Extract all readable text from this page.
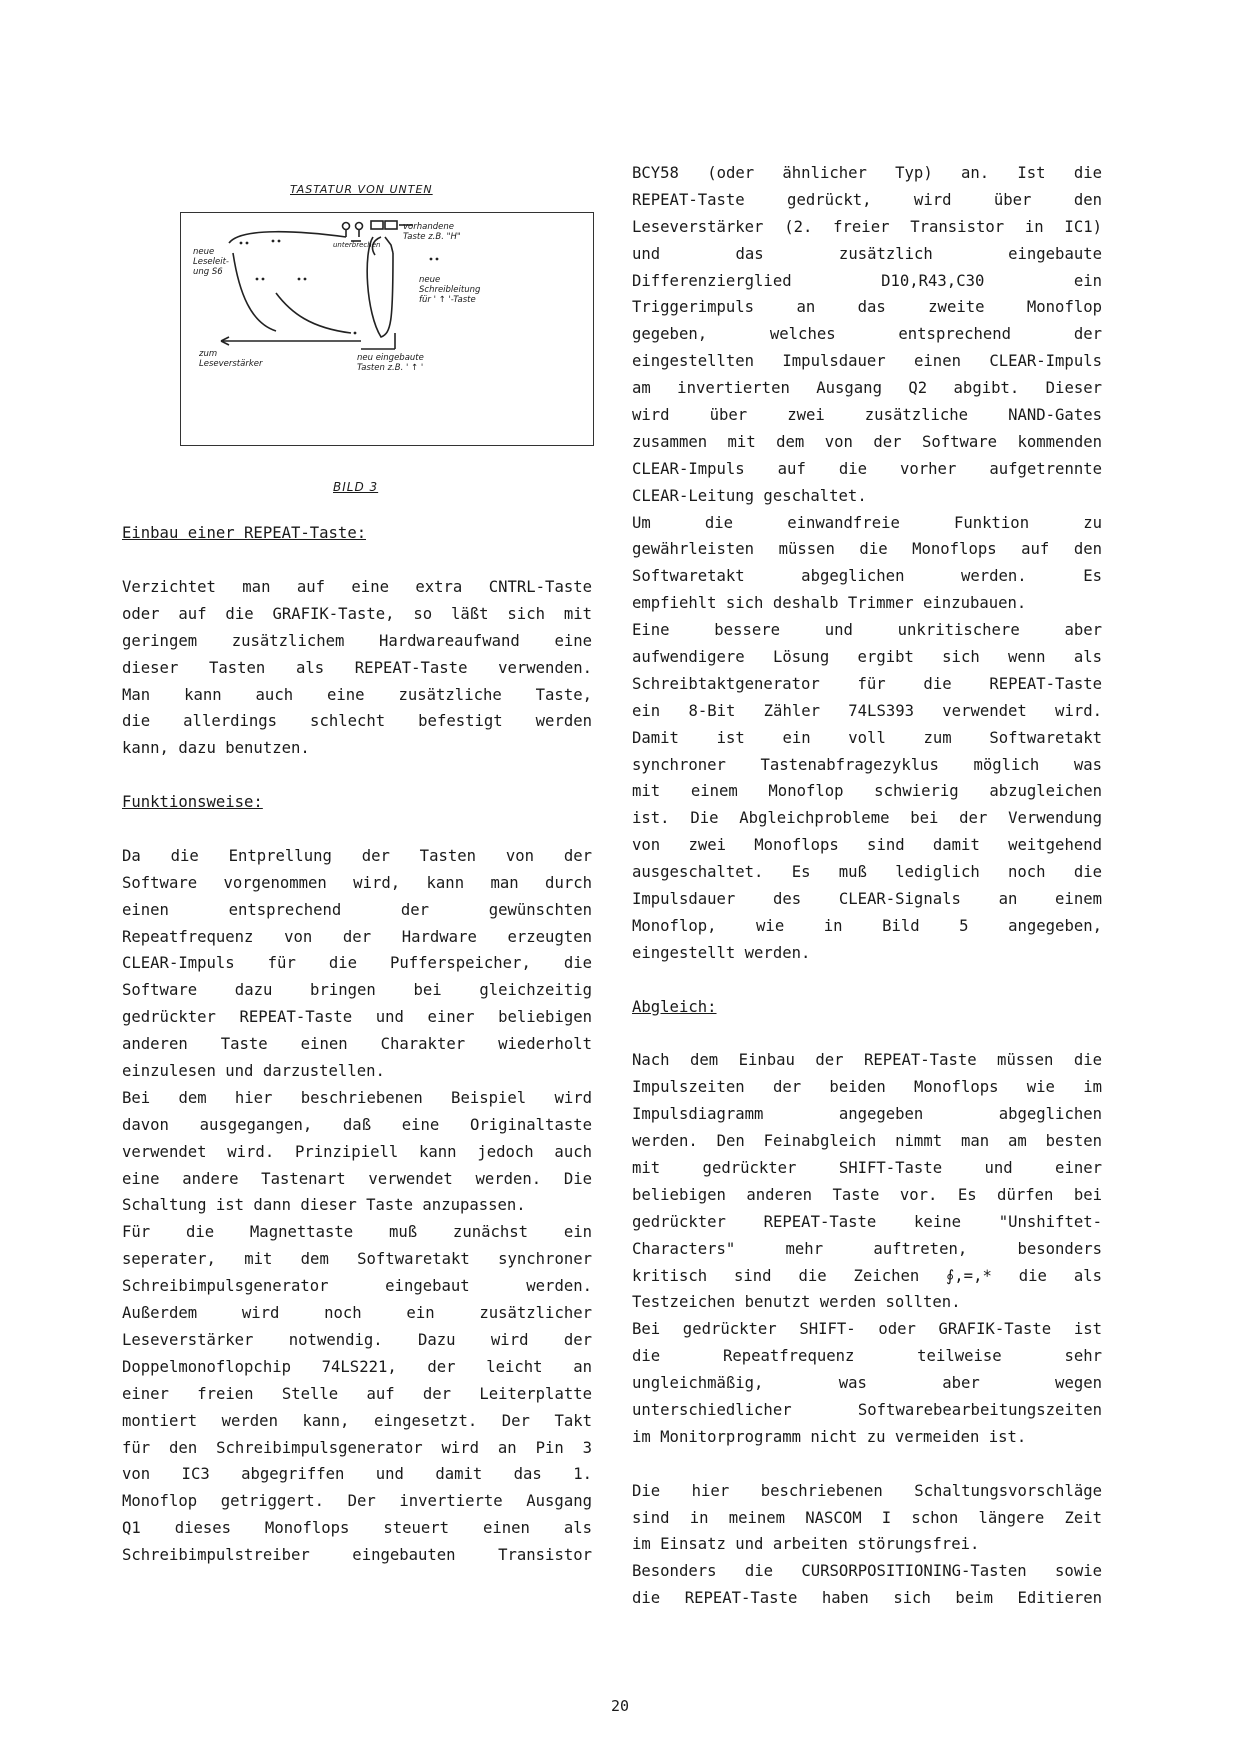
TASTATUR VON UNTEN
vorhandene
Taste z.B. "H"
unterbrechen
neue
Leseleit-
ung S6
neue
Schreibleitung
für ' ↑ '-Taste
zum
Leseverstärker
neu eingebaute
Tasten z.B. ' ↑ '
BILD 3
Einbau einer REPEAT-Taste:
Verzichtet man auf eine extra CNTRL-Taste
oder auf die GRAFIK-Taste, so läßt sich mit
geringem zusätzlichem Hardwareaufwand eine
dieser Tasten als REPEAT-Taste verwenden.
Man kann auch eine zusätzliche Taste,
die allerdings schlecht befestigt werden
kann, dazu benutzen.
Funktionsweise:
Da die Entprellung der Tasten von der
Software vorgenommen wird, kann man durch
einen entsprechend der gewünschten
Repeatfrequenz von der Hardware erzeugten
CLEAR-Impuls für die Pufferspeicher, die
Software dazu bringen bei gleichzeitig
gedrückter REPEAT-Taste und einer beliebigen
anderen Taste einen Charakter wiederholt
einzulesen und darzustellen.
Bei dem hier beschriebenen Beispiel wird
davon ausgegangen, daß eine Originaltaste
verwendet wird. Prinzipiell kann jedoch auch
eine andere Tastenart verwendet werden. Die
Schaltung ist dann dieser Taste anzupassen.
Für die Magnettaste muß zunächst ein
seperater, mit dem Softwaretakt synchroner
Schreibimpulsgenerator eingebaut werden.
Außerdem wird noch ein zusätzlicher
Leseverstärker notwendig. Dazu wird der
Doppelmonoflopchip 74LS221, der leicht an
einer freien Stelle auf der Leiterplatte
montiert werden kann, eingesetzt. Der Takt
für den Schreibimpulsgenerator wird an Pin 3
von IC3 abgegriffen und damit das 1.
Monoflop getriggert. Der invertierte Ausgang
Q1 dieses Monoflops steuert einen als
Schreibimpulstreiber eingebauten Transistor
BCY58 (oder ähnlicher Typ) an. Ist die
REPEAT-Taste gedrückt, wird über den
Leseverstärker (2. freier Transistor in IC1)
und das zusätzlich eingebaute
Differenzierglied D10,R43,C30 ein
Triggerimpuls an das zweite Monoflop
gegeben, welches entsprechend der
eingestellten Impulsdauer einen CLEAR-Impuls
am invertierten Ausgang Q2 abgibt. Dieser
wird über zwei zusätzliche NAND-Gates
zusammen mit dem von der Software kommenden
CLEAR-Impuls auf die vorher aufgetrennte
CLEAR-Leitung geschaltet.
Um die einwandfreie Funktion zu
gewährleisten müssen die Monoflops auf den
Softwaretakt abgeglichen werden. Es
empfiehlt sich deshalb Trimmer einzubauen.
Eine bessere und unkritischere aber
aufwendigere Lösung ergibt sich wenn als
Schreibtaktgenerator für die REPEAT-Taste
ein 8-Bit Zähler 74LS393 verwendet wird.
Damit ist ein voll zum Softwaretakt
synchroner Tastenabfragezyklus möglich was
mit einem Monoflop schwierig abzugleichen
ist. Die Abgleichprobleme bei der Verwendung
von zwei Monoflops sind damit weitgehend
ausgeschaltet. Es muß lediglich noch die
Impulsdauer des CLEAR-Signals an einem
Monoflop, wie in Bild 5 angegeben,
eingestellt werden.
Abgleich:
Nach dem Einbau der REPEAT-Taste müssen die
Impulszeiten der beiden Monoflops wie im
Impulsdiagramm angegeben abgeglichen
werden. Den Feinabgleich nimmt man am besten
mit gedrückter SHIFT-Taste und einer
beliebigen anderen Taste vor. Es dürfen bei
gedrückter REPEAT-Taste keine "Unshiftet-
Characters" mehr auftreten, besonders
kritisch sind die Zeichen ∮,=,* die als
Testzeichen benutzt werden sollten.
Bei gedrückter SHIFT- oder GRAFIK-Taste ist
die Repeatfrequenz teilweise sehr
ungleichmäßig, was aber wegen
unterschiedlicher Softwarebearbeitungszeiten
im Monitorprogramm nicht zu vermeiden ist.
Die hier beschriebenen Schaltungsvorschläge
sind in meinem NASCOM I schon längere Zeit
im Einsatz und arbeiten störungsfrei.
Besonders die CURSORPOSITIONING-Tasten sowie
die REPEAT-Taste haben sich beim Editieren
20
